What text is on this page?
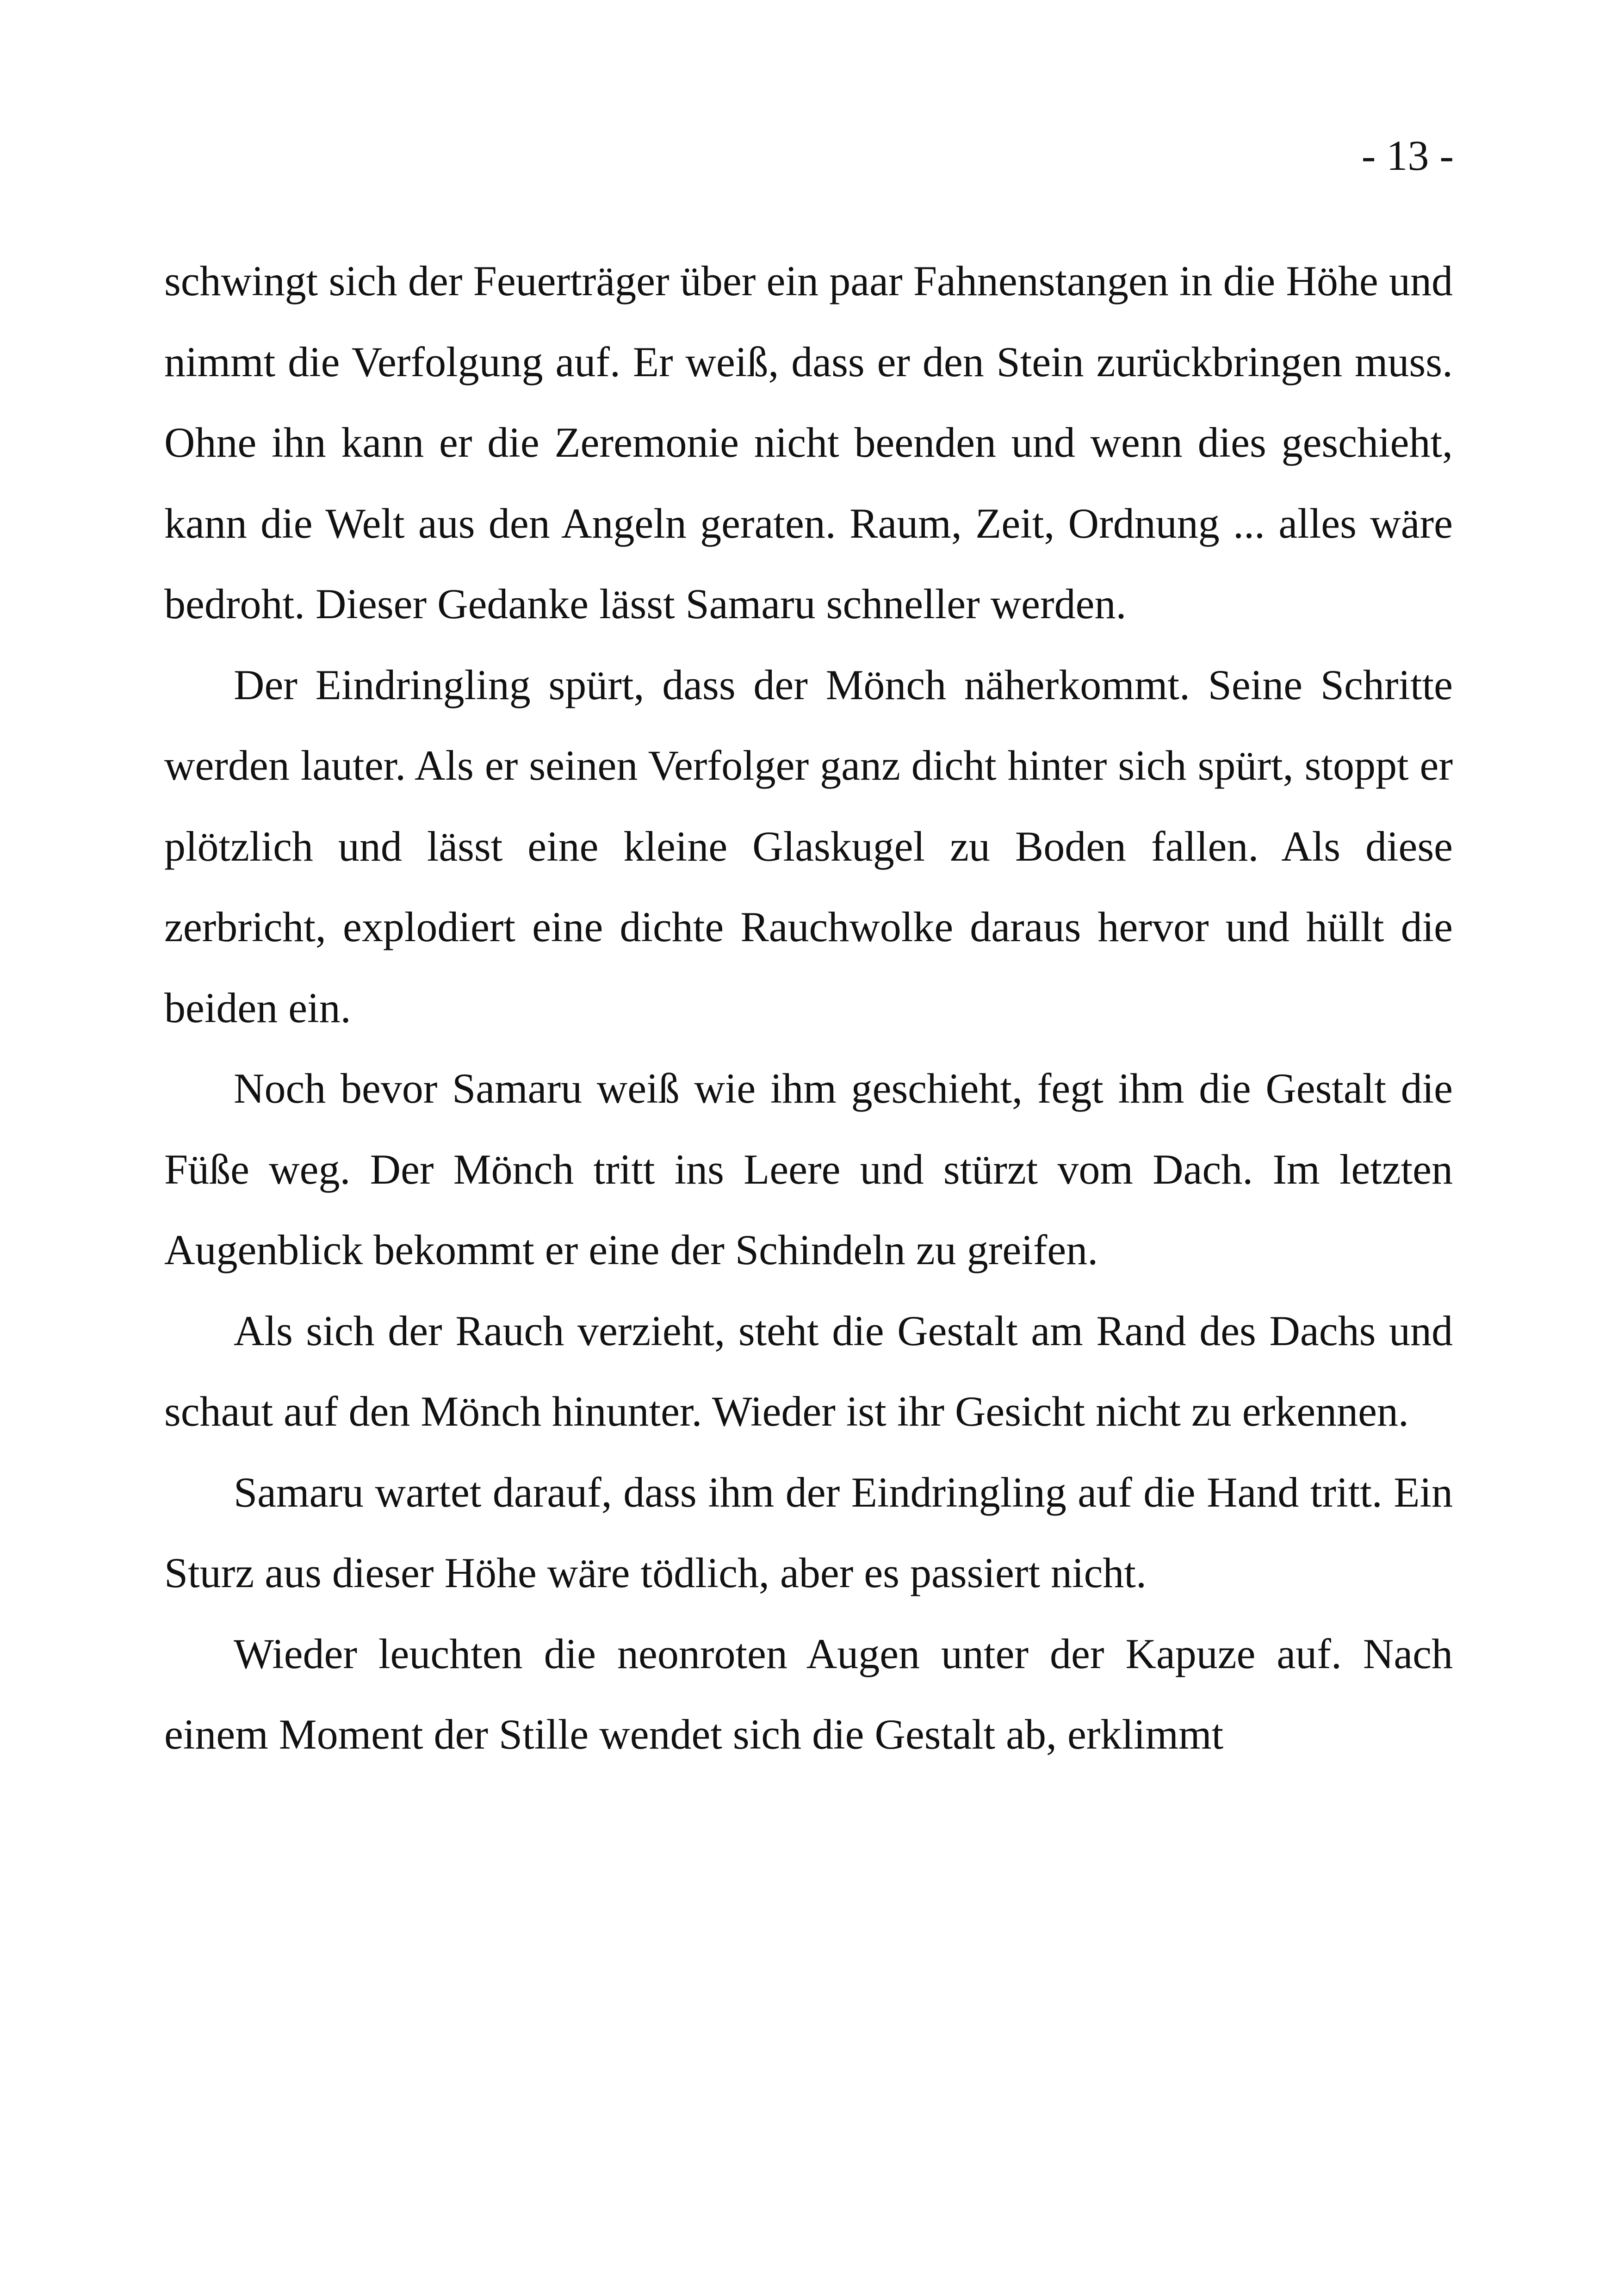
- 13 -

schwingt sich der Feuerträger über ein paar Fahnenstangen in die Höhe und nimmt die Verfolgung auf. Er weiß, dass er den Stein zurückbringen muss. Ohne ihn kann er die Zeremonie nicht beenden und wenn dies geschieht, kann die Welt aus den Angeln geraten. Raum, Zeit, Ordnung ... alles wäre bedroht. Dieser Gedanke lässt Samaru schneller werden.

Der Eindringling spürt, dass der Mönch näherkommt. Seine Schritte werden lauter. Als er seinen Verfolger ganz dicht hinter sich spürt, stoppt er plötzlich und lässt eine kleine Glaskugel zu Boden fallen. Als diese zerbricht, explodiert eine dichte Rauchwolke daraus hervor und hüllt die beiden ein.

Noch bevor Samaru weiß wie ihm geschieht, fegt ihm die Gestalt die Füße weg. Der Mönch tritt ins Leere und stürzt vom Dach. Im letzten Augenblick bekommt er eine der Schindeln zu greifen.

Als sich der Rauch verzieht, steht die Gestalt am Rand des Dachs und schaut auf den Mönch hinunter. Wieder ist ihr Gesicht nicht zu erkennen.

Samaru wartet darauf, dass ihm der Eindringling auf die Hand tritt. Ein Sturz aus dieser Höhe wäre tödlich, aber es passiert nicht.

Wieder leuchten die neonroten Augen unter der Kapuze auf. Nach einem Moment der Stille wendet sich die Gestalt ab, erklimmt
